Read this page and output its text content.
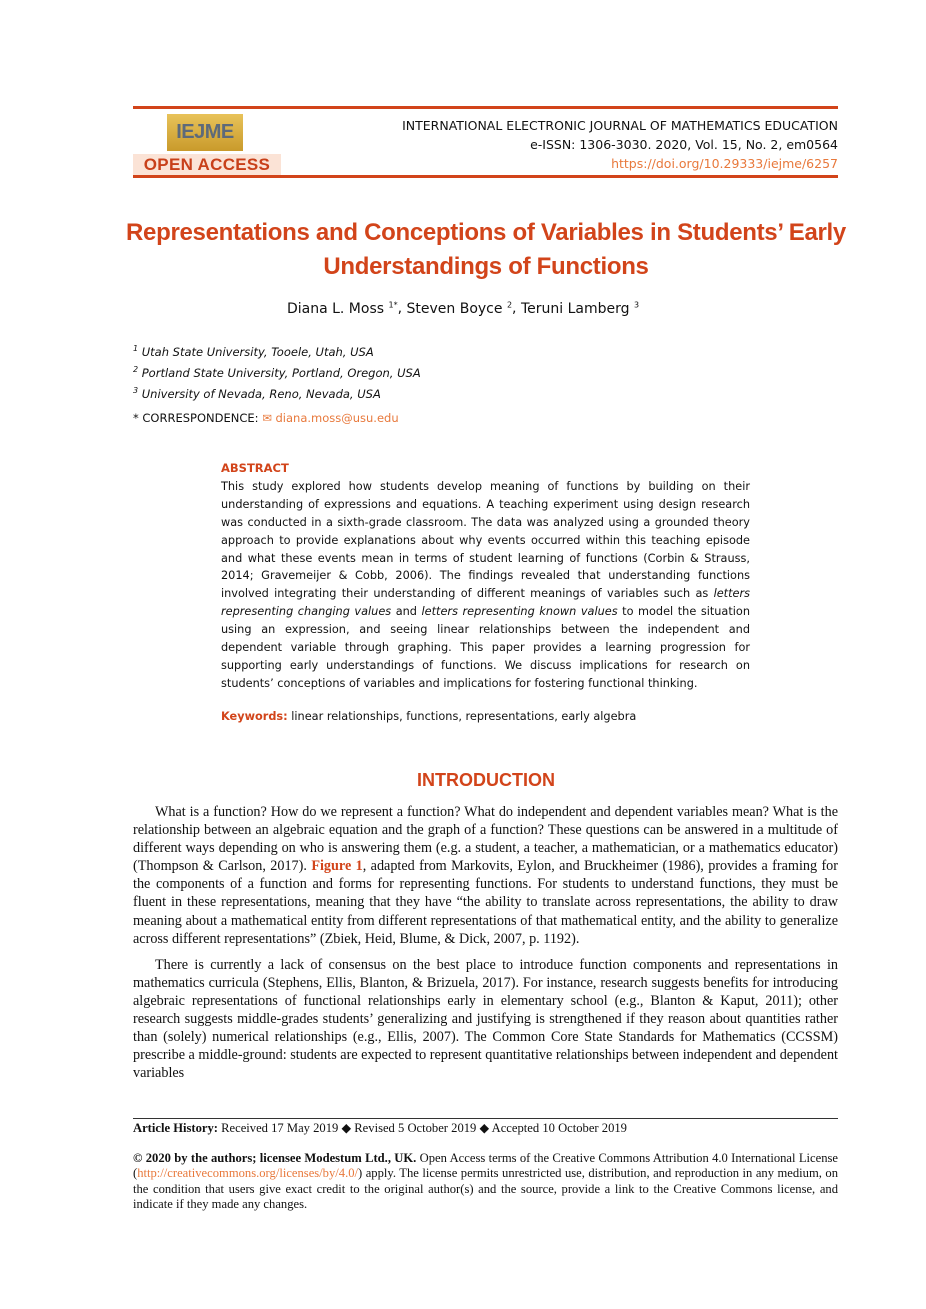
IEJME
OPEN ACCESS
INTERNATIONAL ELECTRONIC JOURNAL OF MATHEMATICS EDUCATION
e-ISSN: 1306-3030. 2020, Vol. 15, No. 2, em0564
https://doi.org/10.29333/iejme/6257
Representations and Conceptions of Variables in Students’ Early
Understandings of Functions
Diana L. Moss $^{1*}$, Steven Boyce $^2$, Teruni Lamberg $^3$
$^1$ Utah State University, Tooele, Utah, USA
$^2$ Portland State University, Portland, Oregon, USA
$^3$ University of Nevada, Reno, Nevada, USA
* CORRESPONDENCE: ✉ diana.moss@usu.edu
ABSTRACT
This study explored how students develop meaning of functions by building on their understanding of expressions and equations. A teaching experiment using design research was conducted in a sixth-grade classroom. The data was analyzed using a grounded theory approach to provide explanations about why events occurred within this teaching episode and what these events mean in terms of student learning of functions (Corbin & Strauss, 2014; Gravemeijer & Cobb, 2006). The findings revealed that understanding functions involved integrating their understanding of different meanings of variables such as letters representing changing values and letters representing known values to model the situation using an expression, and seeing linear relationships between the independent and dependent variable through graphing. This paper provides a learning progression for supporting early understandings of functions. We discuss implications for research on students’ conceptions of variables and implications for fostering functional thinking.
Keywords: linear relationships, functions, representations, early algebra
INTRODUCTION

What is a function? How do we represent a function? What do independent and dependent variables mean? What is the relationship between an algebraic equation and the graph of a function? These questions can be answered in a multitude of different ways depending on who is answering them (e.g. a student, a teacher, a mathematician, or a mathematics educator) (Thompson & Carlson, 2017). Figure 1, adapted from Markovits, Eylon, and Bruckheimer (1986), provides a framing for the components of a function and forms for representing functions. For students to understand functions, they must be fluent in these representations, meaning that they have “the ability to translate across representations, the ability to draw meaning about a mathematical entity from different representations of that mathematical entity, and the ability to generalize across different representations” (Zbiek, Heid, Blume, & Dick, 2007, p. 1192).

There is currently a lack of consensus on the best place to introduce function components and representations in mathematics curricula (Stephens, Ellis, Blanton, & Brizuela, 2017). For instance, research suggests benefits for introducing algebraic representations of functional relationships early in elementary school (e.g., Blanton & Kaput, 2011); other research suggests middle-grades students’ generalizing and justifying is strengthened if they reason about quantities rather than (solely) numerical relationships (e.g., Ellis, 2007). The Common Core State Standards for Mathematics (CCSSM) prescribe a middle-ground: students are expected to represent quantitative relationships between independent and dependent variables

Article History: Received 17 May 2019 ◆ Revised 5 October 2019 ◆ Accepted 10 October 2019
© 2020 by the authors; licensee Modestum Ltd., UK. Open Access terms of the Creative Commons Attribution 4.0 International License (http://creativecommons.org/licenses/by/4.0/) apply. The license permits unrestricted use, distribution, and reproduction in any medium, on the condition that users give exact credit to the original author(s) and the source, provide a link to the Creative Commons license, and indicate if they made any changes.
